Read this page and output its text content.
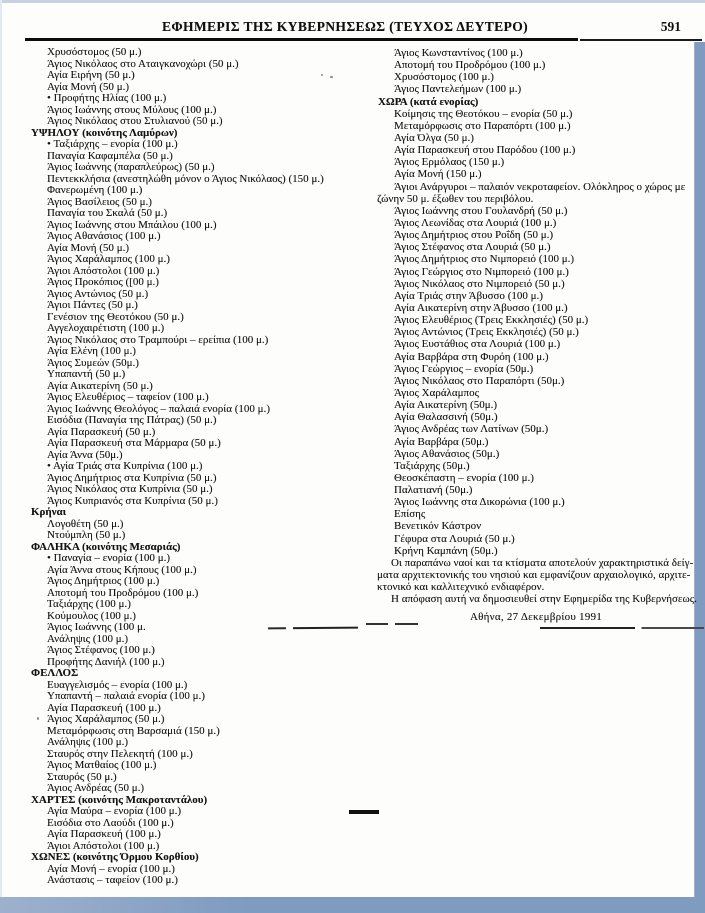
ΕΦΗΜΕΡΙΣ ΤΗΣ ΚΥΒΕΡΝΗΣΕΩΣ (ΤΕΥΧΟΣ ΔΕΥΤΕΡΟ)	591
Χρυσόστομος (50 μ.)
Άγιος Νικόλαος στο Αταιγκανοχώρι (50 μ.)
Αγία Ειρήνη (50 μ.)
Αγία Μονή (50 μ.)
• Προφήτης Ηλίας (100 μ.)
Άγιος Ιωάννης στους Μύλους (100 μ.)
Άγιος Νικόλαος στου Στυλιανού (50 μ.)
ΥΨΗΛΟΥ (κοινότης Λαμύρων)
• Ταξιάρχης – ενορία (100 μ.)
Παναγία Καφαμπέλα (50 μ.)
Άγιος Ιωάννης (παραπλεύρως) (50 μ.)
Πεντεκκλήσια (ανεστηλώθη μόνον ο Άγιος Νικόλαος) (150 μ.)
Φανερωμένη (100 μ.)
Άγιος Βασίλειος (50 μ.)
Παναγία του Σκαλά (50 μ.)
Άγιος Ιωάννης στου Μπάιλου (100 μ.)
Άγιος Αθανάσιος (100 μ.)
Αγία Μονή (50 μ.)
Άγιος Χαράλαμπος (100 μ.)
Άγιοι Απόστολοι (100 μ.)
Άγιος Προκόπιος ([00 μ.)
Άγιος Αντώνιος (50 μ.)
Άγιοι Πάντες (50 μ.)
Γενέσιον της Θεοτόκου (50 μ.)
Αγγελοχαιρέτιστη (100 μ.)
Άγιος Νικόλαος στο Τραμπούρι – ερείπια (100 μ.)
Αγία Ελένη (100 μ.)
Άγιος Συμεών (50μ.)
Υπαπαντή (50 μ.)
Αγία Αικατερίνη (50 μ.)
Άγιος Ελευθέριος – ταφείον (100 μ.)
Άγιος Ιωάννης Θεολόγος – παλαιά ενορία (100 μ.)
Εισόδια (Παναγία της Πάτρας) (50 μ.)
Αγία Παρασκευή (50 μ.)
Αγία Παρασκευή στα Μάρμαρα (50 μ.)
Αγία Άννα (50μ.)
• Αγία Τριάς στα Κυπρίνια (100 μ.)
Άγιος Δημήτριος στα Κυπρίνια (50 μ.)
Άγιος Νικόλαος στα Κυπρίνια (50 μ.)
Άγιος Κυπριανός στα Κυπρίνια (50 μ.)
Κρήναι
Λογοθέτη (50 μ.)
Ντούμπλη (50 μ.)
ΦΑΛΗΚΑ (κοινότης Μεσαριάς)
• Παναγία – ενορία (100 μ.)
Αγία Άννα στους Κήπους (100 μ.)
Άγιος Δημήτριος (100 μ.)
Αποτομή του Προδρόμου (100 μ.)
Ταξιάρχης (100 μ.)
Κούμουλος (100 μ.)
Άγιος Ιωάννης (100 μ.
Ανάληψις (100 μ.)
Άγιος Στέφανος (100 μ.)
Προφήτης Δανιήλ (100 μ.)
ΦΕΛΛΟΣ
Ευαγγελισμός – ενορία (100 μ.)
Υπαπαντή – παλαιά ενορία (100 μ.)
Αγία Παρασκευή (100 μ.)
Άγιος Χαράλαμπος (50 μ.)
Μεταμόρφωσις στη Βαρσαμιά (150 μ.)
Ανάληψις (100 μ.)
Σταυρός στην Πελεκητή (100 μ.)
Άγιος Ματθαίος (100 μ.)
Σταυρός (50 μ.)
Άγιος Ανδρέας (50 μ.)
ΧΑΡΤΕΣ (κοινότης Μακροταντάλου)
Αγία Μαύρα – ενορία (100 μ.)
Εισόδια στο Λαούδι (100 μ.)
Αγία Παρασκευή (100 μ.)
Άγιοι Απόστολοι (100 μ.)
ΧΩΝΕΣ (κοινότης Όρμου Κορθίου)
Αγία Μονή – ενορία (100 μ.)
Ανάστασις – ταφείον (100 μ.)
Άγιος Κωνσταντίνος (100 μ.)
Αποτομή του Προδρόμου (100 μ.)
Χρυσόστομος (100 μ.)
Άγιος Παντελεήμων (100 μ.)
ΧΩΡΑ (κατά ενορίας)
Κοίμησις της Θεοτόκου – ενορία (50 μ.)
Μεταμόρφωσις στο Παραπόρτι (100 μ.)
Αγία Όλγα (50 μ.)
Αγία Παρασκευή στου Παρόδου (100 μ.)
Άγιος Ερμόλαος (150 μ.)
Αγία Μονή (150 μ.)
Άγιοι Ανάργυροι – παλαιόν νεκροταφείον. Ολόκληρος ο χώρος με
ζώνην 50 μ. έξωθεν του περιβόλου.
Άγιος Ιωάννης στου Γουλανδρή (50 μ.)
Άγιος Λεωνίδας στα Λουριά (100 μ.)
Άγιος Δημήτριος στου Ροΐδη (50 μ.)
Άγιος Στέφανος στα Λουριά (50 μ.)
Άγιος Δημήτριος στο Νιμπορειό (100 μ.)
Άγιος Γεώργιος στο Νιμπορειό (100 μ.)
Άγιος Νικόλαος στο Νιμπορειό (50 μ.)
Αγία Τριάς στην Άβυσσο (100 μ.)
Αγία Αικατερίνη στην Άβυσσο (100 μ.)
Άγιος Ελευθέριος (Τρεις Εκκλησιές) (50 μ.)
Άγιος Αντώνιος (Τρεις Εκκλησιές) (50 μ.)
Άγιος Ευστάθιος στα Λουριά (100 μ.)
Αγία Βαρβάρα στη Φυρόη (100 μ.)
Άγιος Γεώργιος – ενορία (50μ.)
Άγιος Νικόλαος στο Παραπόρτι (50μ.)
Άγιος Χαράλαμπος
Αγία Αικατερίνη (50μ.)
Αγία Θαλασσινή (50μ.)
Άγιος Ανδρέας των Λατίνων (50μ.)
Αγία Βαρβάρα (50μ.)
Άγιος Αθανάσιος (50μ.)
Ταξιάρχης (50μ.)
Θεοσκέπαστη – ενορία (100 μ.)
Παλατιανή (50μ.)
Άγιος Ιωάννης στα Δικορώνια (100 μ.)
Επίσης
Βενετικόν Κάστρον
Γέφυρα στα Λουριά (50 μ.)
Κρήνη Καμπάνη (50μ.)
Οι παραπάνω ναοί και τα κτίσματα αποτελούν χαρακτηριστικά δείγ-
ματα αρχιτεκτονικής του νησιού και εμφανίζουν αρχαιολογικό, αρχιτε-
κτονικό και καλλιτεχνικό ενδιαφέρον.
Η απόφαση αυτή να δημοσιευθεί στην Εφημερίδα της Κυβερνήσεως.
Αθήνα, 27 Δεκεμβρίου 1991
